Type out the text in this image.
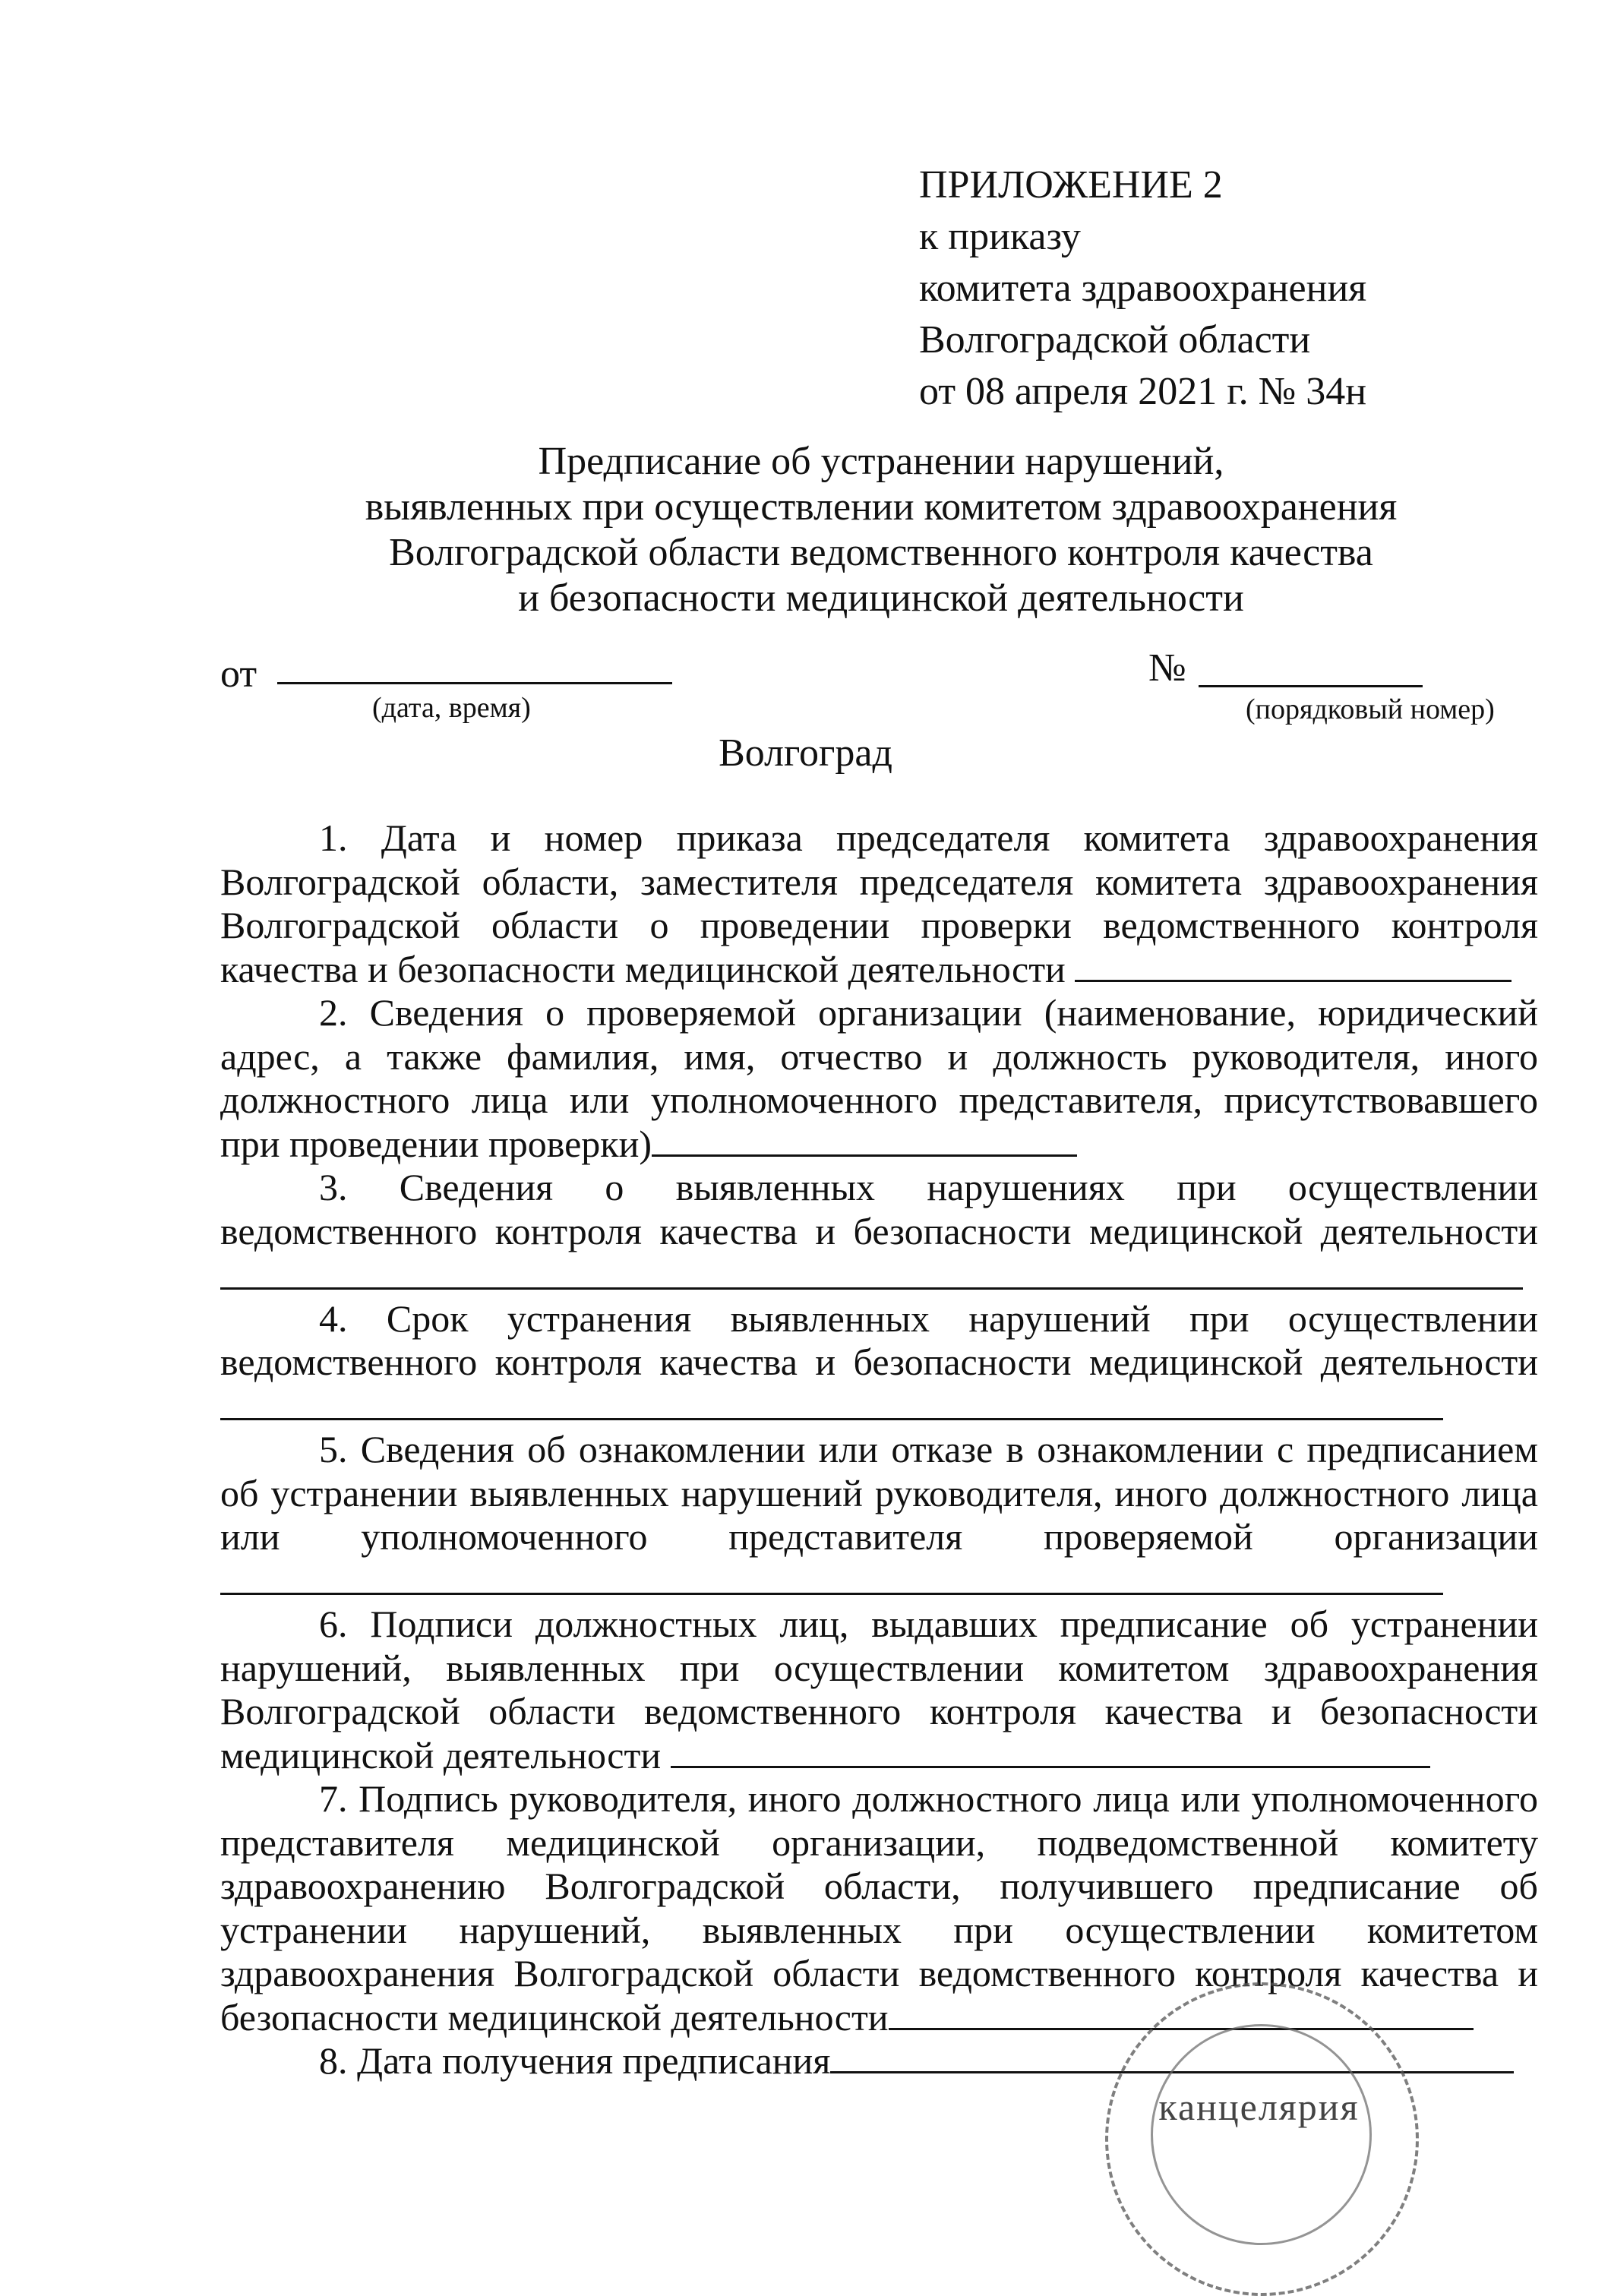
ПРИЛОЖЕНИЕ 2
к приказу
комитета здравоохранения
Волгоградской области
от 08 апреля 2021 г. № 34н
Предписание об устранении нарушений,
выявленных при осуществлении комитетом здравоохранения
Волгоградской области ведомственного контроля качества
и безопасности медицинской деятельности
от
(дата, время)
№
(порядковый номер)
Волгоград

1. Дата и номер приказа председателя комитета здравоохранения Волгоградской области, заместителя председателя комитета здравоохранения Волгоградской области о проведении проверки ведомственного контроля качества и безопасности медицинской деятельности

2. Сведения о проверяемой организации (наименование, юридический адрес, а также фамилия, имя, отчество и должность руководителя, иного должностного лица или уполномоченного представителя, присутствовавшего при проведении проверки)

3. Сведения о выявленных нарушениях при осуществлении ведомственного контроля качества и безопасности медицинской деятельности

4. Срок устранения выявленных нарушений при осуществлении ведомственного контроля качества и безопасности медицинской деятельности

5. Сведения об ознакомлении или отказе в ознакомлении с предписанием об устранении выявленных нарушений руководителя, иного должностного лица или уполномоченного представителя проверяемой организации

6. Подписи должностных лиц, выдавших предписание об устранении нарушений, выявленных при осуществлении комитетом здравоохранения Волгоградской области ведомственного контроля качества и безопасности медицинской деятельности

7. Подпись руководителя, иного должностного лица или уполномоченного представителя медицинской организации, подведомственной комитету здравоохранению Волгоградской области, получившего предписание об устранении нарушений, выявленных при осуществлении комитетом здравоохранения Волгоградской области ведомственного контроля качества и безопасности медицинской деятельности

8. Дата получения предписания

канцелярия
